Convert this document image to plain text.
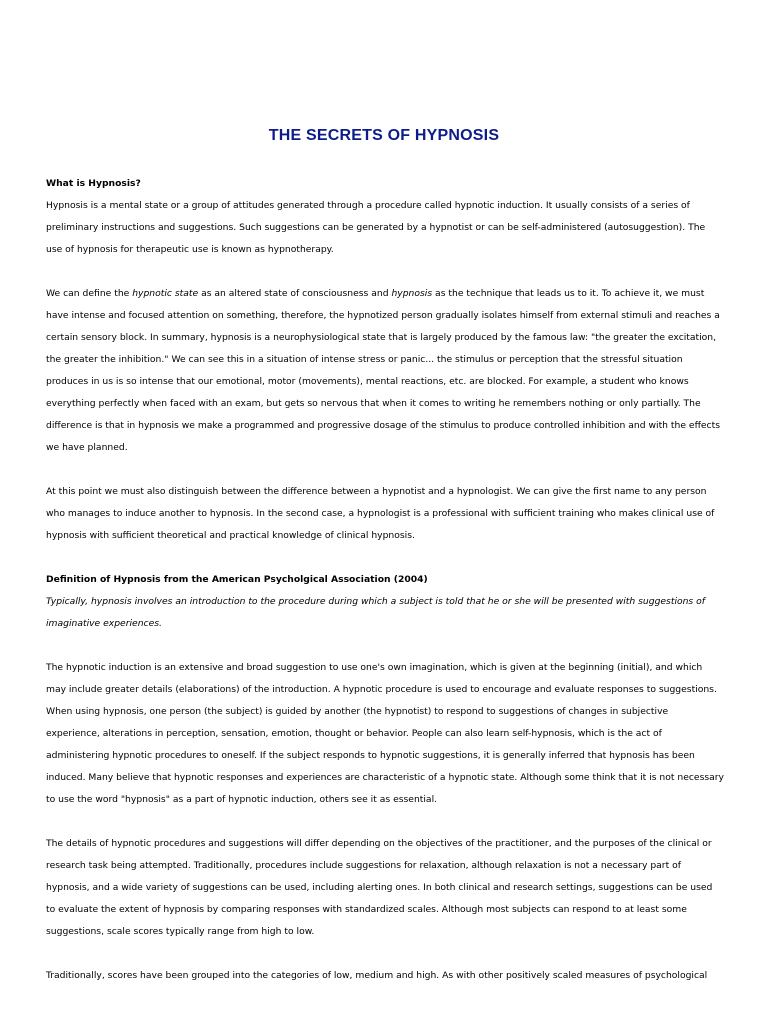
THE SECRETS OF HYPNOSIS

What is Hypnosis?

Hypnosis is a mental state or a group of attitudes generated through a procedure called hypnotic induction. It usually consists of a series of preliminary instructions and suggestions. Such suggestions can be generated by a hypnotist or can be self-administered (autosuggestion). The use of hypnosis for therapeutic use is known as hypnotherapy.

We can define the hypnotic state as an altered state of consciousness and hypnosis as the technique that leads us to it. To achieve it, we must have intense and focused attention on something, therefore, the hypnotized person gradually isolates himself from external stimuli and reaches a certain sensory block. In summary, hypnosis is a neurophysiological state that is largely produced by the famous law: "the greater the excitation, the greater the inhibition." We can see this in a situation of intense stress or panic... the stimulus or perception that the stressful situation produces in us is so intense that our emotional, motor (movements), mental reactions, etc. are blocked. For example, a student who knows everything perfectly when faced with an exam, but gets so nervous that when it comes to writing he remembers nothing or only partially. The difference is that in hypnosis we make a programmed and progressive dosage of the stimulus to produce controlled inhibition and with the effects we have planned.

At this point we must also distinguish between the difference between a hypnotist and a hypnologist. We can give the first name to any person who manages to induce another to hypnosis. In the second case, a hypnologist is a professional with sufficient training who makes clinical use of hypnosis with sufficient theoretical and practical knowledge of clinical hypnosis.

Definition of Hypnosis from the American Psycholgical Association (2004)

Typically, hypnosis involves an introduction to the procedure during which a subject is told that he or she will be presented with suggestions of imaginative experiences.

The hypnotic induction is an extensive and broad suggestion to use one's own imagination, which is given at the beginning (initial), and which may include greater details (elaborations) of the introduction. A hypnotic procedure is used to encourage and evaluate responses to suggestions. When using hypnosis, one person (the subject) is guided by another (the hypnotist) to respond to suggestions of changes in subjective experience, alterations in perception, sensation, emotion, thought or behavior. People can also learn self-hypnosis, which is the act of administering hypnotic procedures to oneself. If the subject responds to hypnotic suggestions, it is generally inferred that hypnosis has been induced. Many believe that hypnotic responses and experiences are characteristic of a hypnotic state. Although some think that it is not necessary to use the word "hypnosis" as a part of hypnotic induction, others see it as essential.

The details of hypnotic procedures and suggestions will differ depending on the objectives of the practitioner, and the purposes of the clinical or research task being attempted. Traditionally, procedures include suggestions for relaxation, although relaxation is not a necessary part of hypnosis, and a wide variety of suggestions can be used, including alerting ones. In both clinical and research settings, suggestions can be used to evaluate the extent of hypnosis by comparing responses with standardized scales. Although most subjects can respond to at least some suggestions, scale scores typically range from high to low.

Traditionally, scores have been grouped into the categories of low, medium and high. As with other positively scaled measures of psychological
